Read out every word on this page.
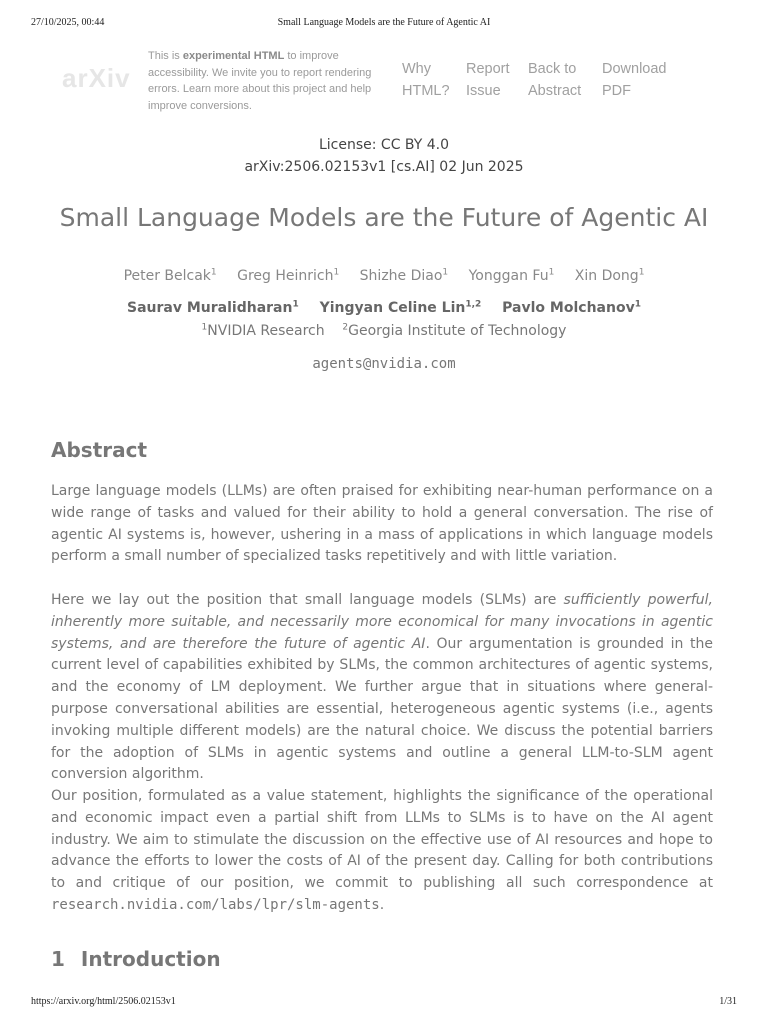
27/10/2025, 00:44	Small Language Models are the Future of Agentic AI
arXiv
This is experimental HTML to improve accessibility. We invite you to report rendering errors. Learn more about this project and help improve conversions.
Why HTML?
Report Issue
Back to Abstract
Download PDF
License: CC BY 4.0
arXiv:2506.02153v1 [cs.AI] 02 Jun 2025
Small Language Models are the Future of Agentic AI
Peter Belcak$^1$ Greg Heinrich$^1$ Shizhe Diao$^1$ Yonggan Fu$^1$ Xin Dong$^1$
Saurav Muralidharan$^1$ Yingyan Celine Lin$^{1,2}$ Pavlo Molchanov$^1$
$^1$NVIDIA Research $^2$Georgia Institute of Technology
agents@nvidia.com
Abstract

Large language models (LLMs) are often praised for exhibiting near-human performance on a wide range of tasks and valued for their ability to hold a general conversation. The rise of agentic AI systems is, however, ushering in a mass of applications in which language models perform a small number of specialized tasks repetitively and with little variation.

Here we lay out the position that small language models (SLMs) are sufficiently powerful, inherently more suitable, and necessarily more economical for many invocations in agentic systems, and are therefore the future of agentic AI. Our argumentation is grounded in the current level of capabilities exhibited by SLMs, the common architectures of agentic systems, and the economy of LM deployment. We further argue that in situations where general-purpose conversational abilities are essential, heterogeneous agentic systems (i.e., agents invoking multiple different models) are the natural choice. We discuss the potential barriers for the adoption of SLMs in agentic systems and outline a general LLM-to-SLM agent conversion algorithm.

Our position, formulated as a value statement, highlights the significance of the operational and economic impact even a partial shift from LLMs to SLMs is to have on the AI agent industry. We aim to stimulate the discussion on the effective use of AI resources and hope to advance the efforts to lower the costs of AI of the present day. Calling for both contributions to and critique of our position, we commit to publishing all such correspondence at research.nvidia.com/labs/lpr/slm-agents.

1 Introduction
https://arxiv.org/html/2506.02153v1	1/31
